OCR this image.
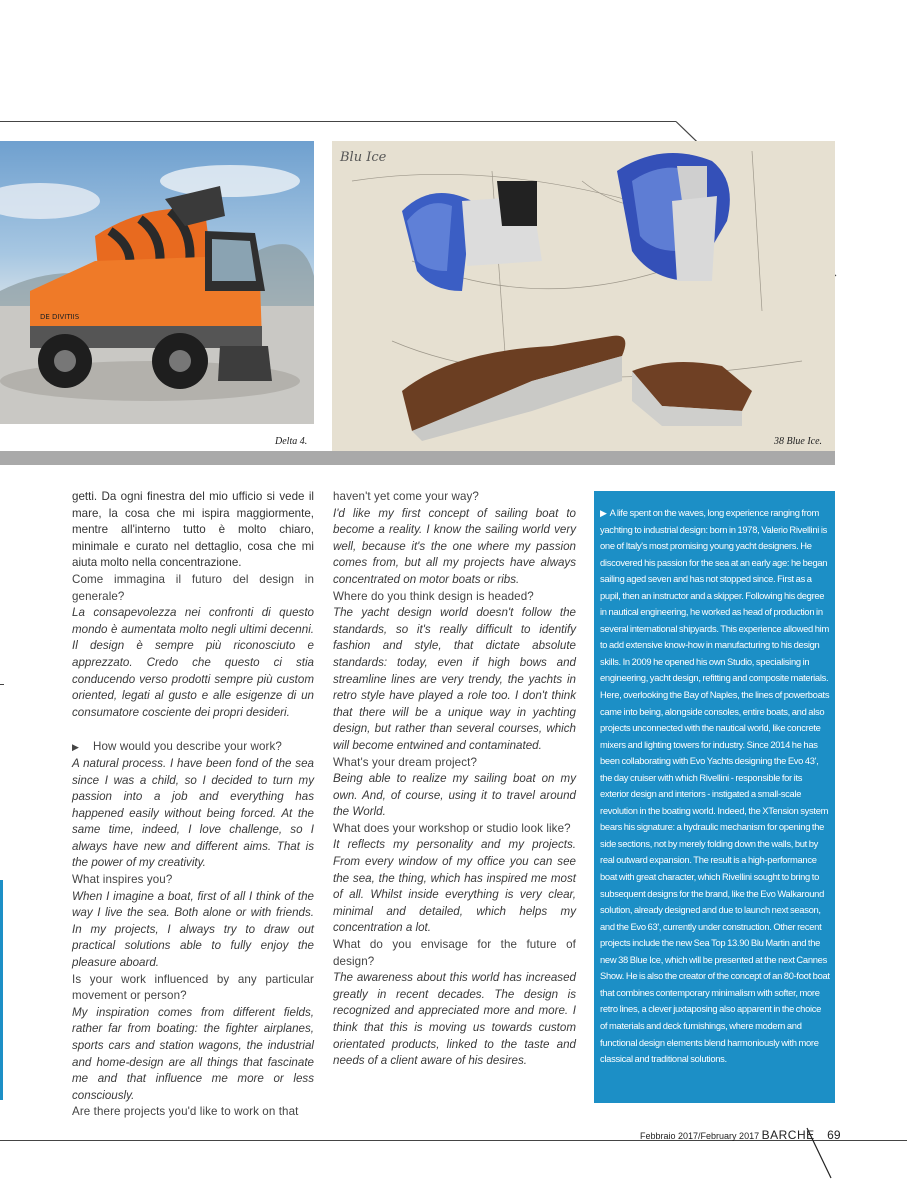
DE DIVITIIS
Delta 4.
Blu Ice
38 Blue Ice.

getti. Da ogni finestra del mio ufficio si vede il mare, la cosa che mi ispira maggiormente, mentre all'interno tutto è molto chiaro, minimale e curato nel dettaglio, cosa che mi aiuta molto nella concentrazione.

Come immagina il futuro del design in generale?

La consapevolezza nei confronti di questo mondo è aumentata molto negli ultimi decenni. Il design è sempre più riconosciuto e apprezzato. Credo che questo ci stia conducendo verso prodotti sempre più custom oriented, legati al gusto e alle esigenze di un consumatore cosciente dei propri desideri.

▶ How would you describe your work?

A natural process. I have been fond of the sea since I was a child, so I decided to turn my passion into a job and everything has happened easily without being forced. At the same time, indeed, I love challenge, so I always have new and different aims. That is the power of my creativity.

What inspires you?

When I imagine a boat, first of all I think of the way I live the sea. Both alone or with friends. In my projects, I always try to draw out practical solutions able to fully enjoy the pleasure aboard.

Is your work influenced by any particular movement or person?

My inspiration comes from different fields, rather far from boating: the fighter airplanes, sports cars and station wagons, the industrial and home-design are all things that fascinate me and that influence me more or less consciously.

Are there projects you'd like to work on that

haven't yet come your way?

I'd like my first concept of sailing boat to become a reality. I know the sailing world very well, because it's the one where my passion comes from, but all my projects have always concentrated on motor boats or ribs.

Where do you think design is headed?

The yacht design world doesn't follow the standards, so it's really difficult to identify fashion and style, that dictate absolute standards: today, even if high bows and streamline lines are very trendy, the yachts in retro style have played a role too. I don't think that there will be a unique way in yachting design, but rather than several courses, which will become entwined and contaminated.

What's your dream project?

Being able to realize my sailing boat on my own. And, of course, using it to travel around the World.

What does your workshop or studio look like?

It reflects my personality and my projects. From every window of my office you can see the sea, the thing, which has inspired me most of all. Whilst inside everything is very clear, minimal and detailed, which helps my concentration a lot.

What do you envisage for the future of design?

The awareness about this world has increased greatly in recent decades. The design is recognized and appreciated more and more. I think that this is moving us towards custom orientated products, linked to the taste and needs of a client aware of his desires.

▶ A life spent on the waves, long experience ranging from yachting to industrial design: born in 1978, Valerio Rivellini is one of Italy's most promising young yacht designers. He discovered his passion for the sea at an early age: he began sailing aged seven and has not stopped since. First as a pupil, then an instructor and a skipper. Following his degree in nautical engineering, he worked as head of production in several international shipyards. This experience allowed him to add extensive know-how in manufacturing to his design skills. In 2009 he opened his own Studio, specialising in engineering, yacht design, refitting and composite materials. Here, overlooking the Bay of Naples, the lines of powerboats came into being, alongside consoles, entire boats, and also projects unconnected with the nautical world, like concrete mixers and lighting towers for industry. Since 2014 he has been collaborating with Evo Yachts designing the Evo 43', the day cruiser with which Rivellini - responsible for its exterior design and interiors - instigated a small-scale revolution in the boating world. Indeed, the XTension system bears his signature: a hydraulic mechanism for opening the side sections, not by merely folding down the walls, but by real outward expansion. The result is a high-performance boat with great character, which Rivellini sought to bring to subsequent designs for the brand, like the Evo Walkaround solution, already designed and due to launch next season, and the Evo 63', currently under construction. Other recent projects include the new Sea Top 13.90 Blu Martin and the new 38 Blue Ice, which will be presented at the next Cannes Show. He is also the creator of the concept of an 80-foot boat that combines contemporary minimalism with softer, more retro lines, a clever juxtaposing also apparent in the choice of materials and deck furnishings, where modern and functional design elements blend harmoniously with more classical and traditional solutions.
Febbraio 2017/February 2017 BARCHE 69
